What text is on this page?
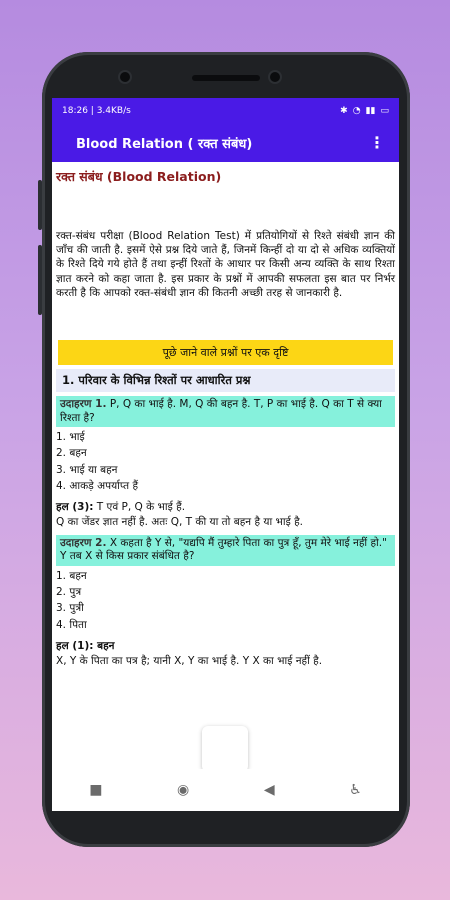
18:26 | 3.4KB/s	✱ ◔ ▮▮ ▭
Blood Relation ( रक्त संबंध)	⋮
रक्त संबंध (Blood Relation)
रक्त-संबंध परीक्षा (Blood Relation Test) में प्रतियोगियों से रिश्ते संबंधी ज्ञान की जाँच की जाती है. इसमें ऐसे प्रश्न दिये जाते हैं, जिनमें किन्हीं दो या दो से अधिक व्यक्तियों के रिश्ते दिये गये होते हैं तथा इन्हीं रिश्तों के आधार पर किसी अन्य व्यक्ति के साथ रिश्ता ज्ञात करने को कहा जाता है. इस प्रकार के प्रश्नों में आपकी सफलता इस बात पर निर्भर करती है कि आपको रक्त-संबंधी ज्ञान की कितनी अच्छी तरह से जानकारी है.
पूछे जाने वाले प्रश्नों पर एक दृष्टि
1. परिवार के विभिन्न रिश्तों पर आधारित प्रश्न
उदाहरण 1. P, Q का भाई है. M, Q की बहन है. T, P का भाई है. Q का T से क्या रिश्ता है?
1. भाई
2. बहन
3. भाई या बहन
4. आकड़े अपर्याप्त हैं
हल (3): T एवं P, Q के भाई हैं.
Q का जेंडर ज्ञात नहीं है. अतः Q, T की या तो बहन है या भाई है.
उदाहरण 2. X कहता है Y से, "यद्यपि मैं तुम्हारे पिता का पुत्र हूँ, तुम मेरे भाई नहीं हो." Y तब X से किस प्रकार संबंधित है?
1. बहन
2. पुत्र
3. पुत्री
4. पिता
हल (1): बहन
X, Y के पिता का पत्र है; यानी X, Y का भाई है. Y X का भाई नहीं है.
■	◉	◀	♿
